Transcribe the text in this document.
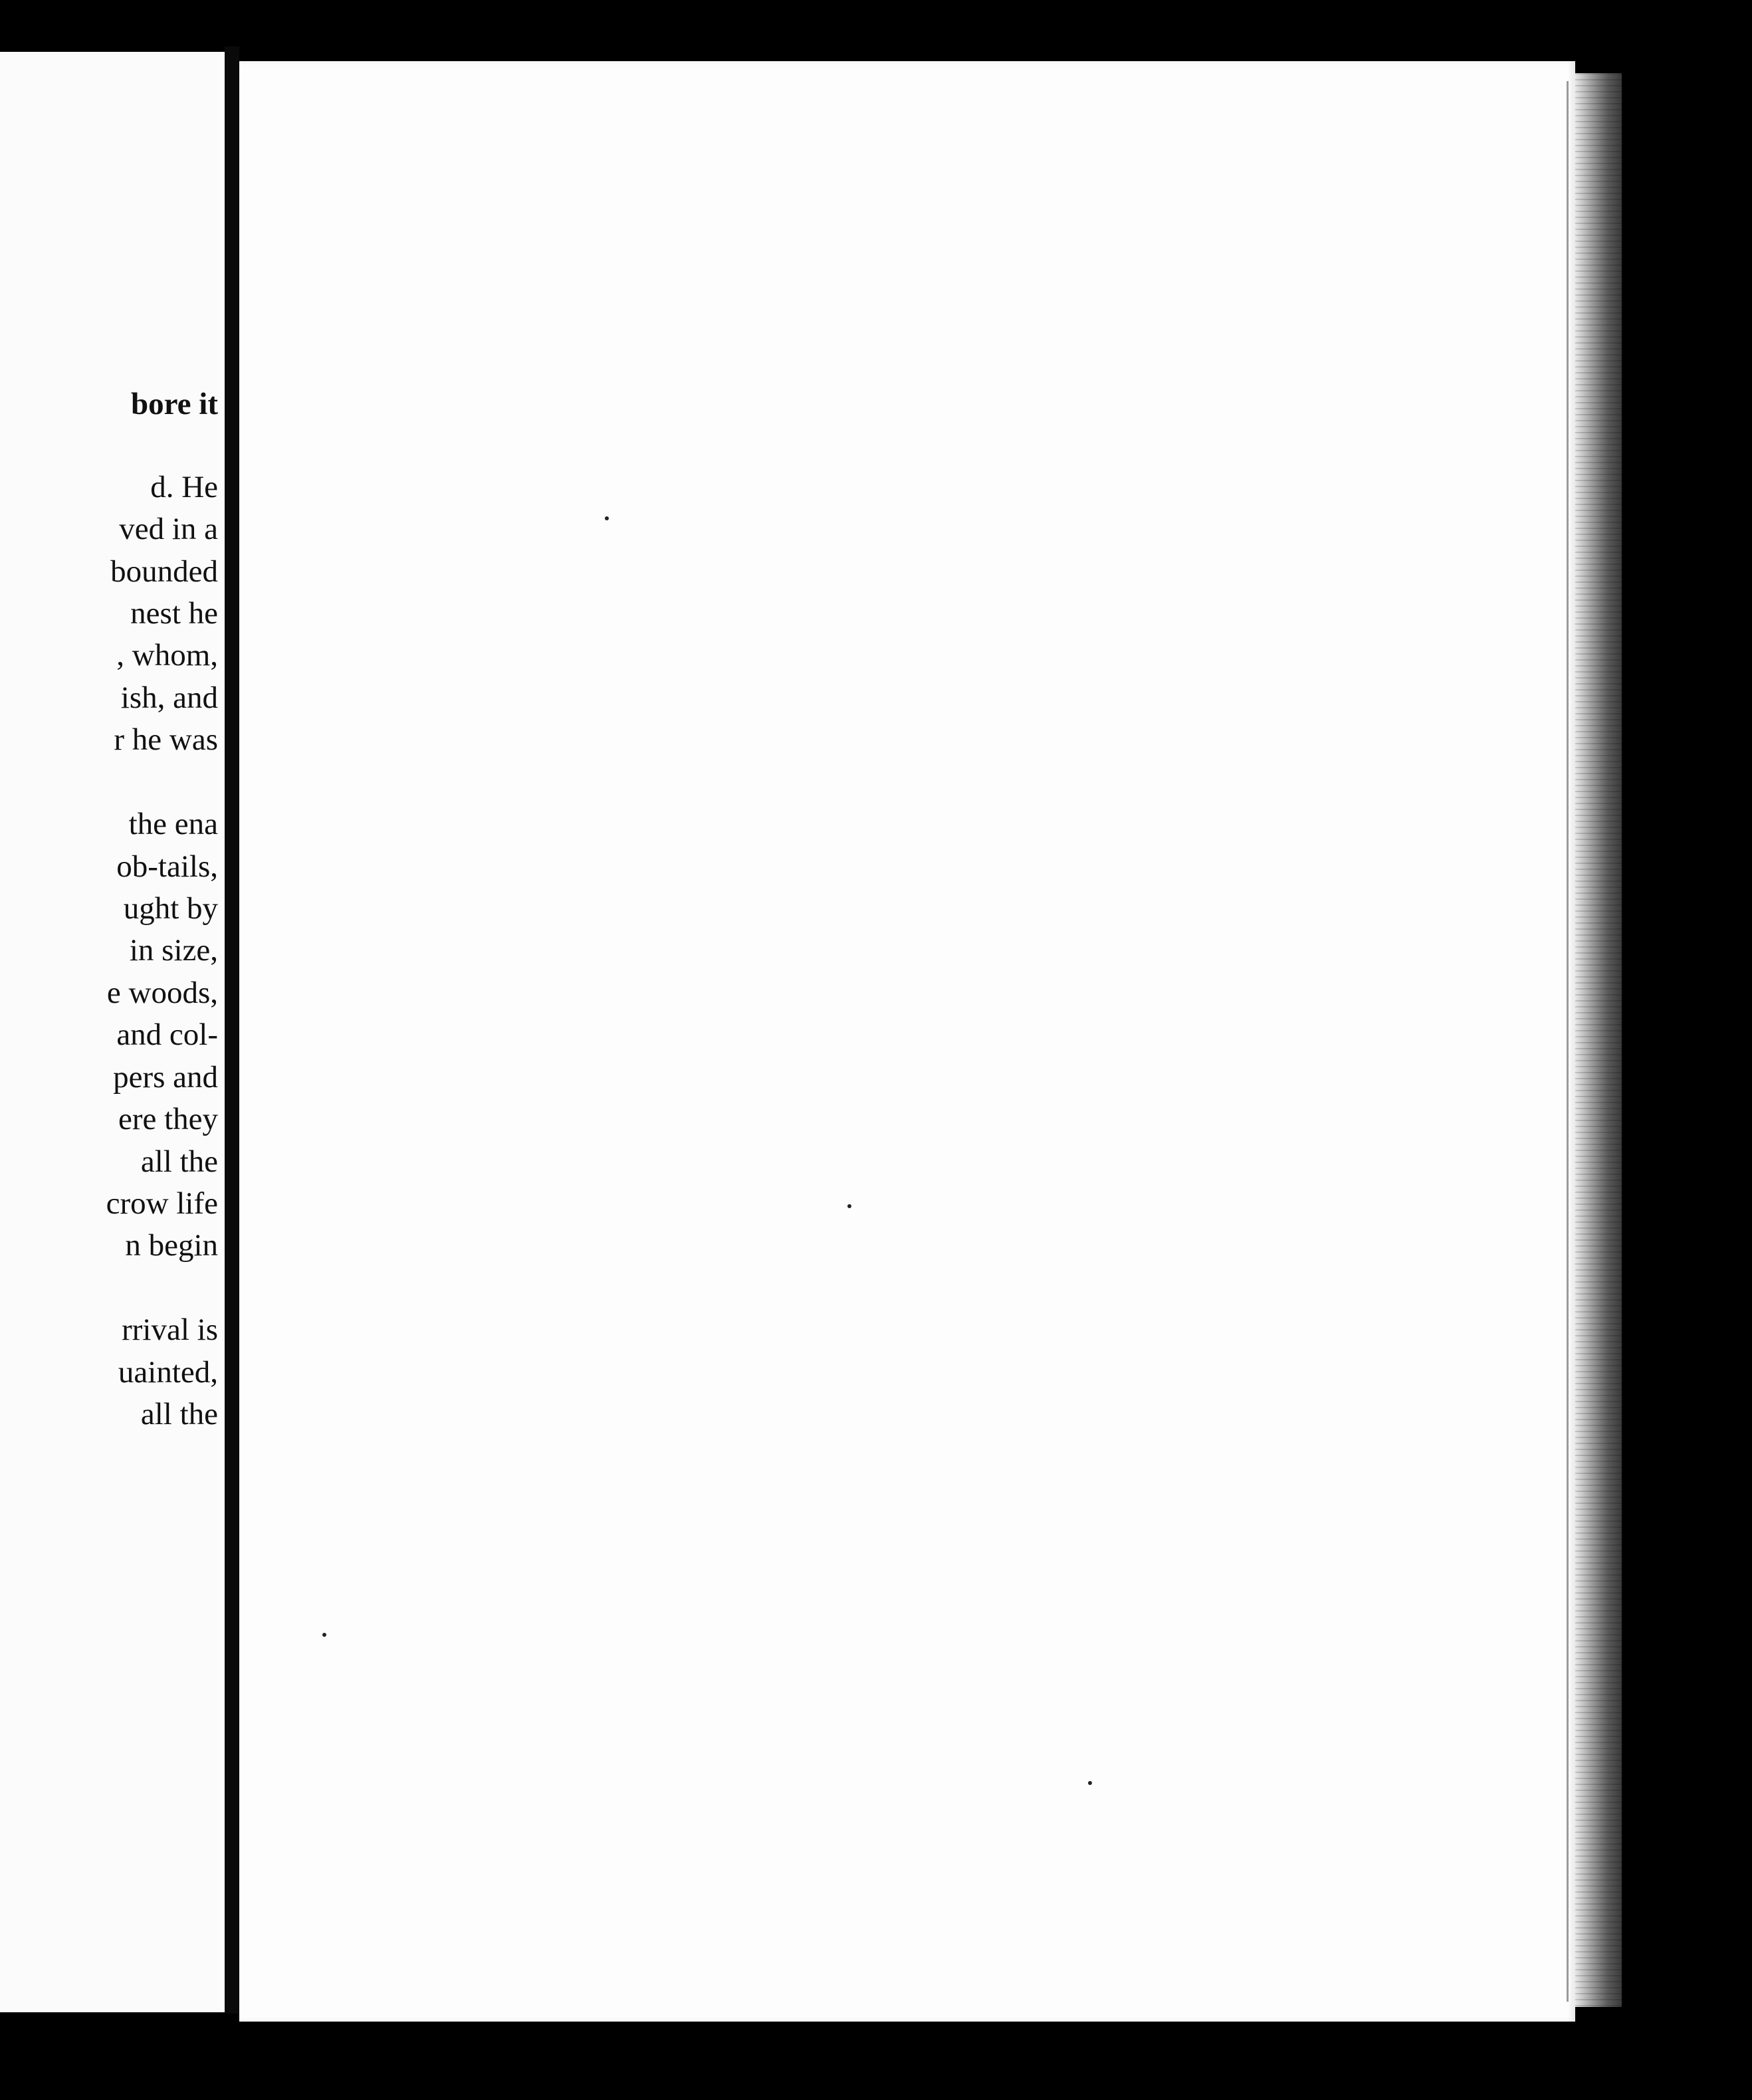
bore it
d. He
ved in a
bounded
nest he
, whom,
ish, and
r he was
the ena
ob-tails,
ught by
in size,
e woods,
and col-
pers and
ere they
all the
crow life
n begin
rrival is
uainted,
all the
